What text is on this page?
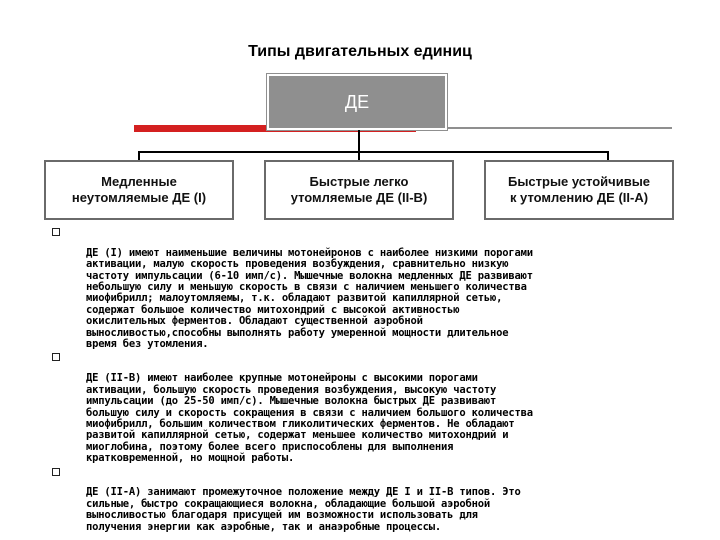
Типы двигательных единиц
ДЕ
Медленные
неутомляемые ДЕ (I)
Быстрые легко
утомляемые ДЕ (II-B)
Быстрые устойчивые
к утомлению ДЕ (II-A)

ДЕ (I) имеют наименьшие величины мотонейронов с наиболее низкими порогами
активации, малую скорость проведения возбуждения, сравнительно низкую
частоту импульсации (6-10 имп/с). Мышечные волокна медленных ДЕ развивают
небольшую силу и меньшую скорость в связи с наличием меньшего количества
миофибрилл; малоутомляемы, т.к. обладают развитой капиллярной сетью,
содержат большое количество митохондрий с высокой активностью
окислительных ферментов. Обладают существенной аэробной
выносливостью,способны выполнять работу умеренной мощности длительное
время без утомления.

ДЕ (II-B) имеют наиболее крупные мотонейроны с высокими порогами
активации, большую скорость проведения возбуждения, высокую частоту
импульсации (до 25-50 имп/с). Мышечные волокна быстрых ДЕ развивают
большую силу и скорость сокращения в связи с наличием большого количества
миофибрилл, большим количеством гликолитических ферментов. Не обладают
развитой капиллярной сетью, содержат меньшее количество митохондрий и
миоглобина, поэтому более всего приспособлены для выполнения
кратковременной, но мощной работы.

ДЕ (II-А) занимают промежуточное положение между ДЕ I и II-B типов. Это
сильные, быстро сокращающиеся волокна, обладающие большой аэробной
выносливостью благодаря присущей им возможности использовать для
получения энергии как аэробные, так и анаэробные процессы.
